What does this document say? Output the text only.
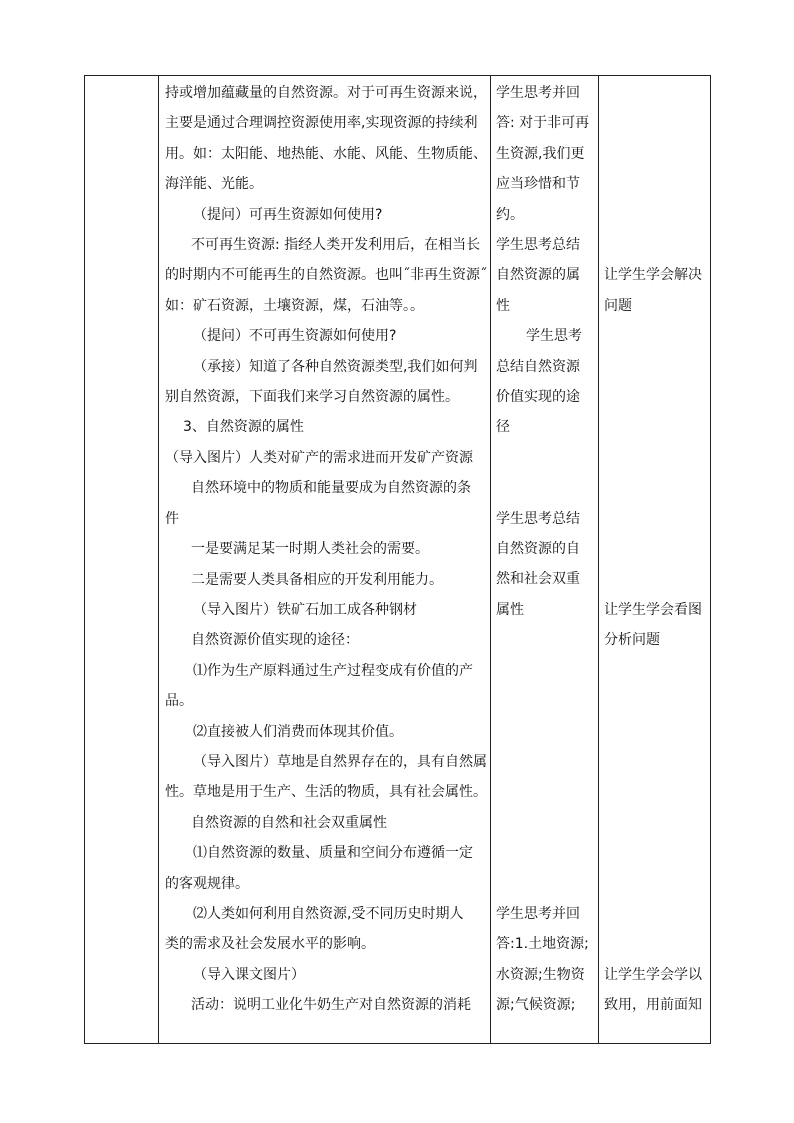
持或增加蕴藏量的自然资源。对于可再生资源来说，

主要是通过合理调控资源使用率,实现资源的持续利

用。如：太阳能、地热能、水能、风能、生物质能、

海洋能、光能。

（提问）可再生资源如何使用?

不可再生资源: 指经人类开发利用后，在相当长

的时期内不可能再生的自然资源。也叫˝非再生资源˝

如：矿石资源，土壤资源，煤，石油等。。

（提问）不可再生资源如何使用?

（承接）知道了各种自然资源类型,我们如何判

别自然资源，下面我们来学习自然资源的属性。

3、自然资源的属性

（导入图片）人类对矿产的需求进而开发矿产资源

自然环境中的物质和能量要成为自然资源的条

件

一是要满足某一时期人类社会的需要。

二是需要人类具备相应的开发利用能力。

（导入图片）铁矿石加工成各种钢材

自然资源价值实现的途径：

⑴作为生产原料通过生产过程变成有价值的产

品。

⑵直接被人们消费而体现其价值。

（导入图片）草地是自然界存在的，具有自然属

性。草地是用于生产、生活的物质，具有社会属性。

自然资源的自然和社会双重属性

⑴自然资源的数量、质量和空间分布遵循一定

的客观规律。

⑵人类如何利用自然资源,受不同历史时期人

类的需求及社会发展水平的影响。

（导入课文图片）

活动：说明工业化牛奶生产对自然资源的消耗

学生思考并回

答: 对于非可再

生资源,我们更

应当珍惜和节

约。

学生思考总结

自然资源的属

性

学生思考

总结自然资源

价值实现的途

径

学生思考总结

自然资源的自

然和社会双重

属性

学生思考并回

答:1.土地资源;

水资源;生物资

源;气候资源;

让学生学会解决

问题

让学生学会看图

分析问题

让学生学会学以

致用，用前面知
